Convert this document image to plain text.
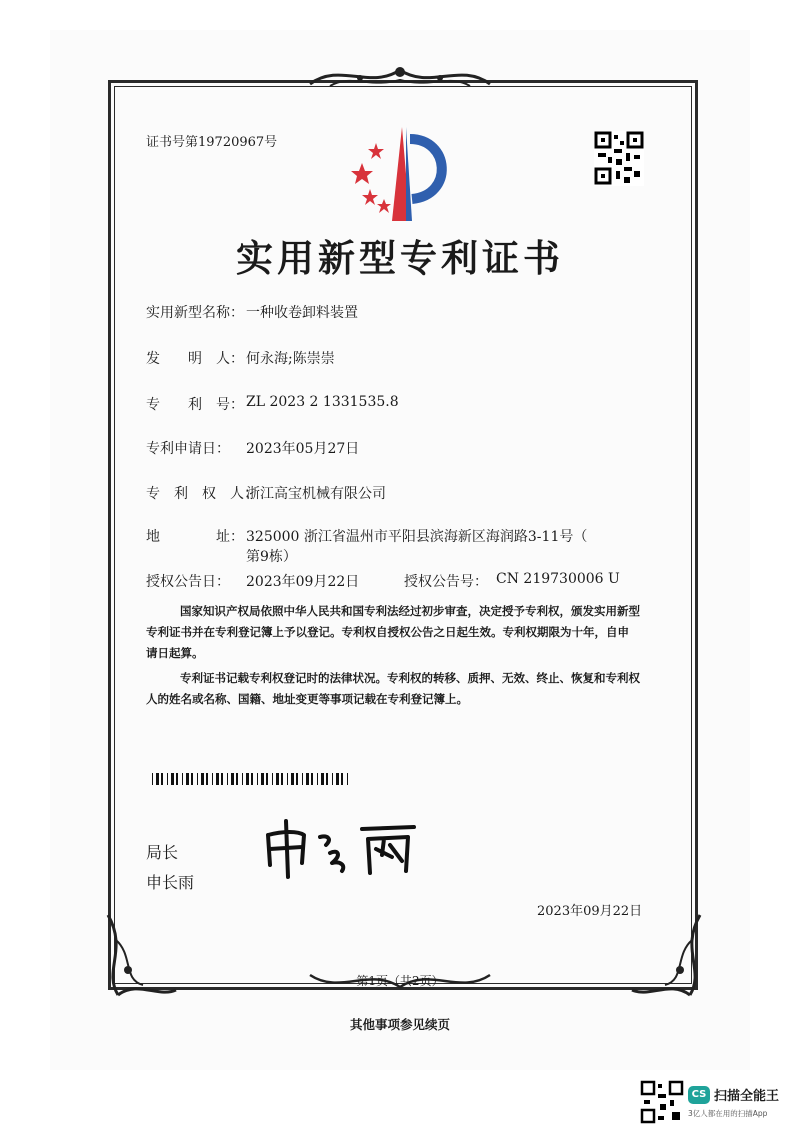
证书号第19720967号
实用新型专利证书
实用新型名称： 一种收卷卸料装置
发　　明　人： 何永海;陈崇崇
专　　利　号： ZL 2023 2 1331535.8
专利申请日： 2023年05月27日
专　利　权　人：
浙江高宝机械有限公司
地　　　　址： 325000 浙江省温州市平阳县滨海新区海润路3-11号（
第9栋）
授权公告日： 2023年09月22日	授权公告号： CN 219730006 U
国家知识产权局依照中华人民共和国专利法经过初步审查，决定授予专利权，颁发实用新型
专利证书并在专利登记簿上予以登记。专利权自授权公告之日起生效。专利权期限为十年，自申
请日起算。
专利证书记载专利权登记时的法律状况。专利权的转移、质押、无效、终止、恢复和专利权
人的姓名或名称、国籍、地址变更等事项记载在专利登记簿上。
局长
申长雨
2023年09月22日
第1页（共2页）
其他事项参见续页
CS 扫描全能王
3亿人都在用的扫描App
